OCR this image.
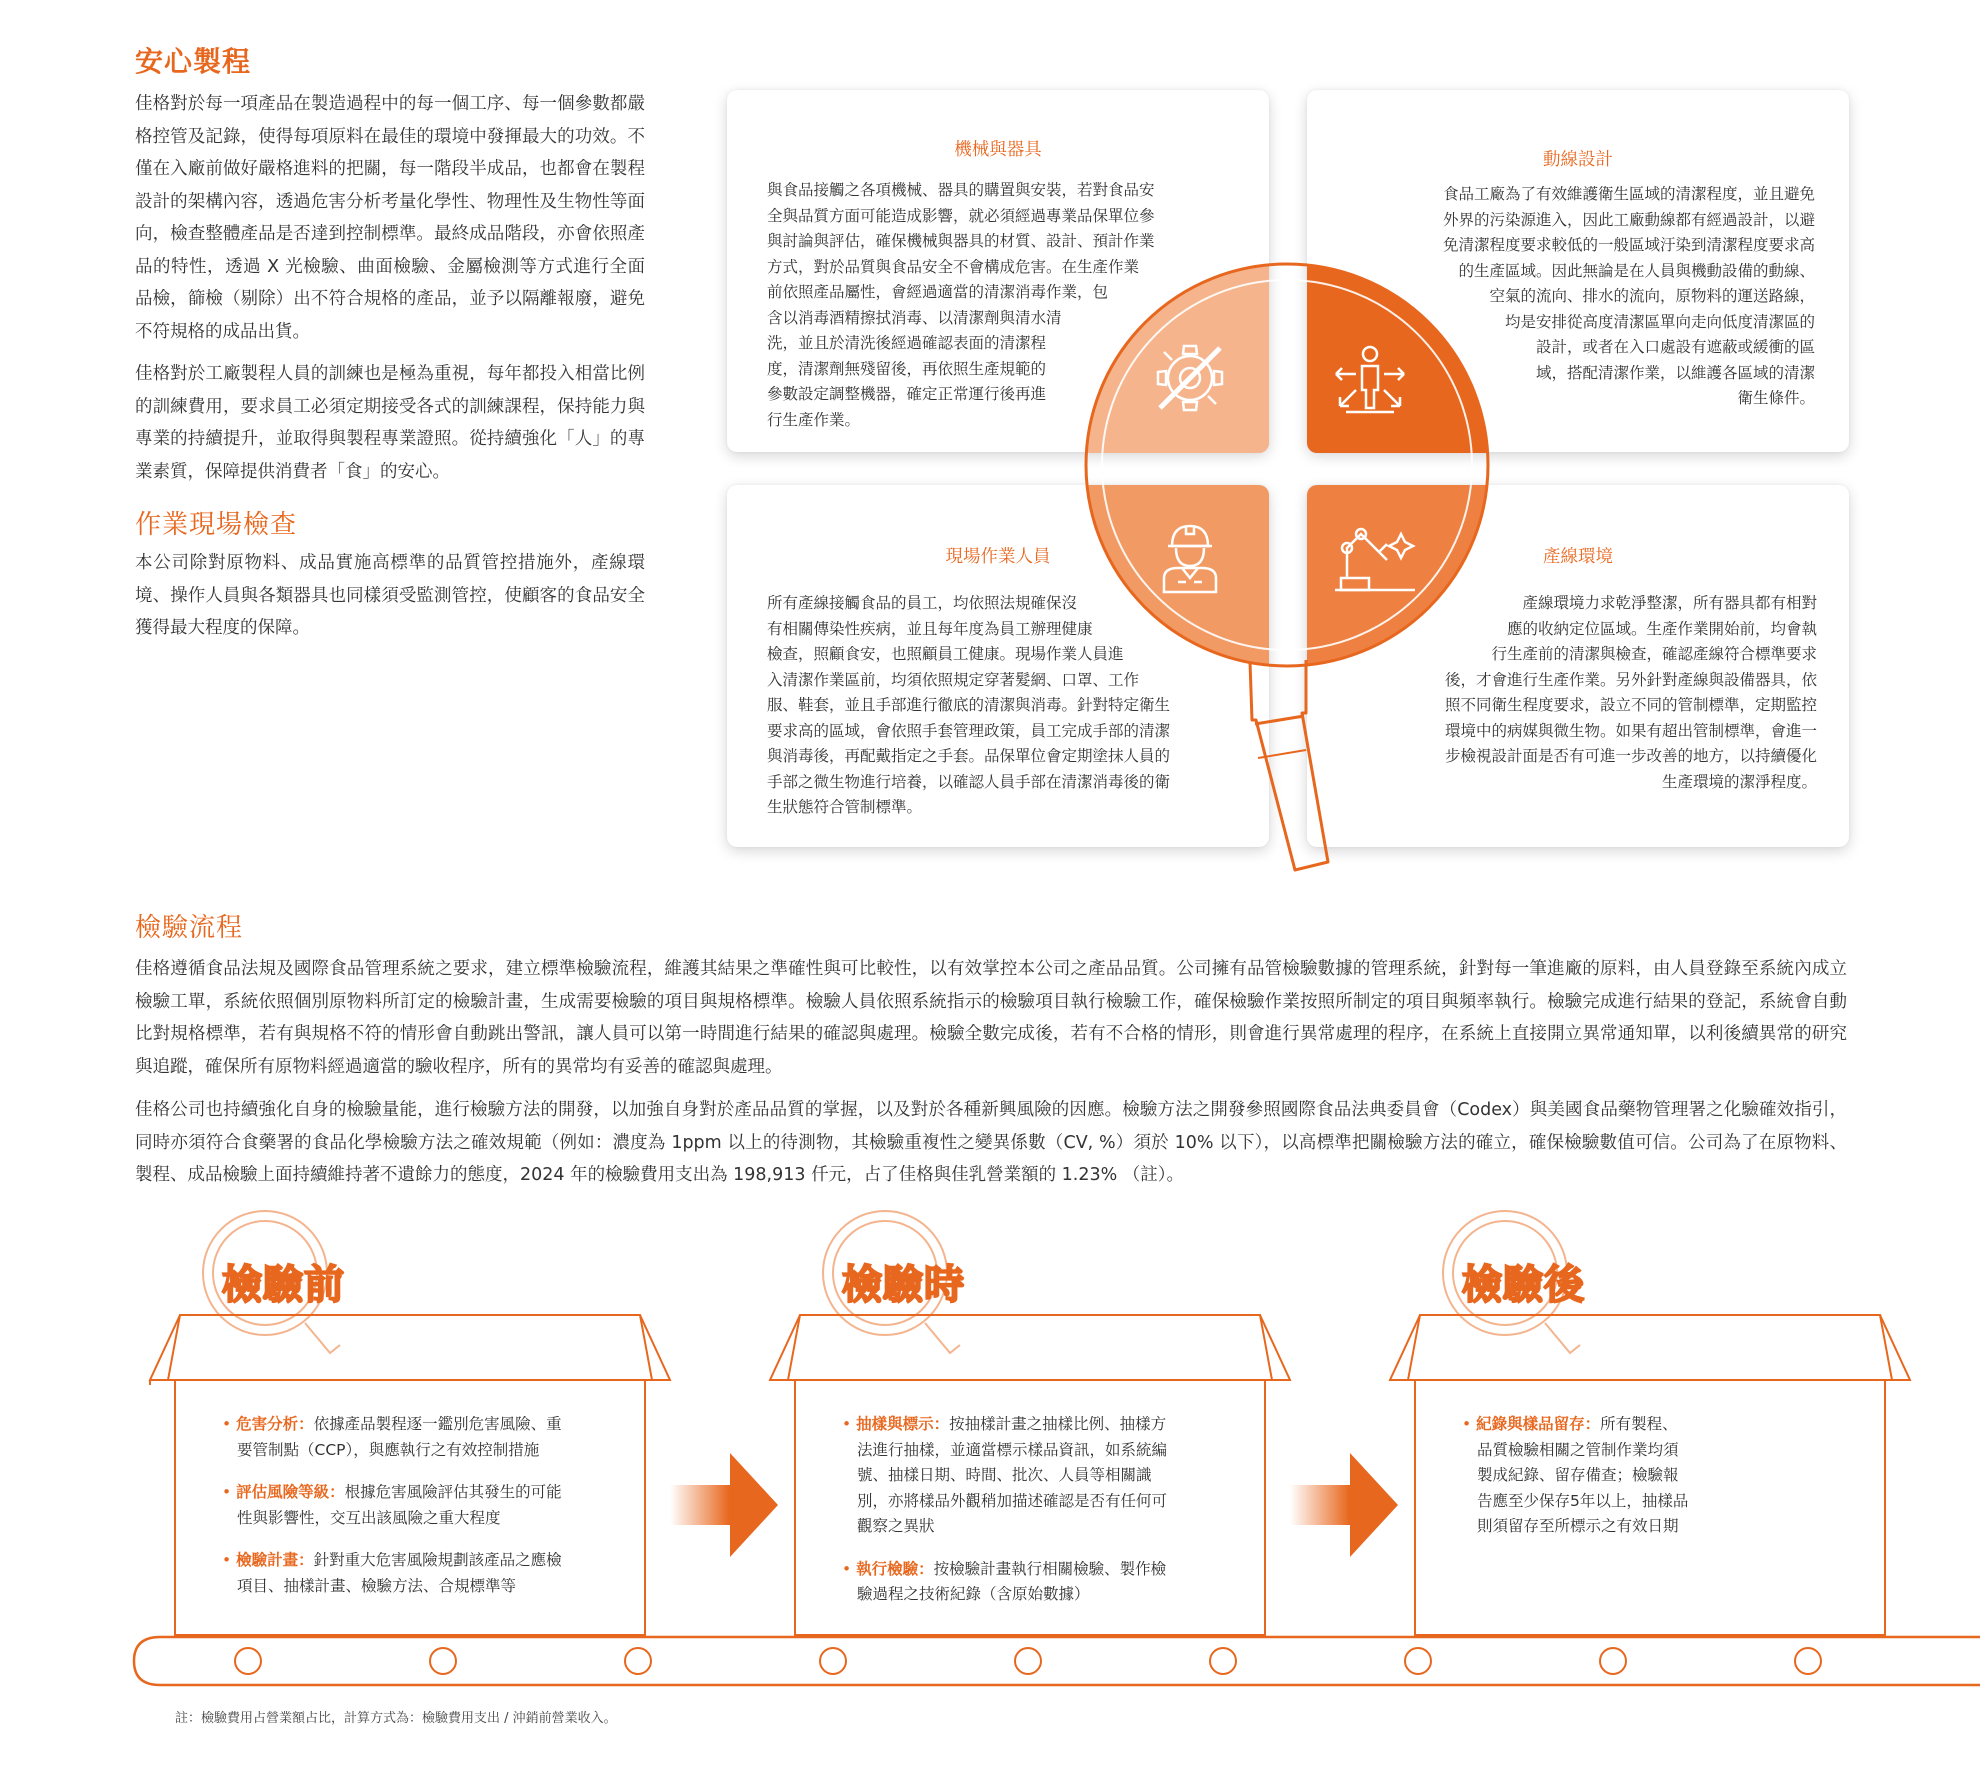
安心製程
佳格對於每一項產品在製造過程中的每一個工序、每一個參數都嚴格控管及記錄，使得每項原料在最佳的環境中發揮最大的功效。不僅在入廠前做好嚴格進料的把關，每一階段半成品，也都會在製程設計的架構內容，透過危害分析考量化學性、物理性及生物性等面向，檢查整體產品是否達到控制標準。最終成品階段，亦會依照產品的特性，透過 X 光檢驗、曲面檢驗、金屬檢測等方式進行全面品檢，篩檢（剔除）出不符合規格的產品，並予以隔離報廢，避免不符規格的成品出貨。
佳格對於工廠製程人員的訓練也是極為重視，每年都投入相當比例的訓練費用，要求員工必須定期接受各式的訓練課程，保持能力與專業的持續提升，並取得與製程專業證照。從持續強化「人」的專業素質，保障提供消費者「食」的安心。
作業現場檢查
本公司除對原物料、成品實施高標準的品質管控措施外，產線環境、操作人員與各類器具也同樣須受監測管控，使顧客的食品安全獲得最大程度的保障。
機械與器具
與食品接觸之各項機械、器具的購置與安裝，若對食品安
全與品質方面可能造成影響，就必須經過專業品保單位參
與討論與評估，確保機械與器具的材質、設計、預計作業
方式，對於品質與食品安全不會構成危害。在生產作業
前依照產品屬性，會經過適當的清潔消毒作業，包
含以消毒酒精擦拭消毒、以清潔劑與清水清
洗，並且於清洗後經過確認表面的清潔程
度，清潔劑無殘留後，再依照生產規範的
參數設定調整機器，確定正常運行後再進
行生產作業。
動線設計
食品工廠為了有效維護衛生區域的清潔程度，並且避免
外界的污染源進入，因此工廠動線都有經過設計，以避
免清潔程度要求較低的一般區域汙染到清潔程度要求高
的生產區域。因此無論是在人員與機動設備的動線、
空氣的流向、排水的流向，原物料的運送路線，
均是安排從高度清潔區單向走向低度清潔區的
設計，或者在入口處設有遮蔽或緩衝的區
域，搭配清潔作業，以維護各區域的清潔
衛生條件。
現場作業人員
所有產線接觸食品的員工，均依照法規確保沒
有相關傳染性疾病，並且每年度為員工辦理健康
檢查，照顧食安，也照顧員工健康。現場作業人員進
入清潔作業區前，均須依照規定穿著髮網、口罩、工作
服、鞋套，並且手部進行徹底的清潔與消毒。針對特定衛生
要求高的區域，會依照手套管理政策，員工完成手部的清潔
與消毒後，再配戴指定之手套。品保單位會定期塗抹人員的
手部之微生物進行培養，以確認人員手部在清潔消毒後的衛
生狀態符合管制標準。
產線環境
產線環境力求乾淨整潔，所有器具都有相對
應的收納定位區域。生產作業開始前，均會執
行生產前的清潔與檢查，確認產線符合標準要求
後，才會進行生產作業。另外針對產線與設備器具，依
照不同衛生程度要求，設立不同的管制標準，定期監控
環境中的病媒與微生物。如果有超出管制標準，會進一
步檢視設計面是否有可進一步改善的地方，以持續優化
生產環境的潔淨程度。
檢驗流程
佳格遵循食品法規及國際食品管理系統之要求，建立標準檢驗流程，維護其結果之準確性與可比較性，以有效掌控本公司之產品品質。公司擁有品管檢驗數據的管理系統，針對每一筆進廠的原料，由人員登錄至系統內成立檢驗工單，系統依照個別原物料所訂定的檢驗計畫，生成需要檢驗的項目與規格標準。檢驗人員依照系統指示的檢驗項目執行檢驗工作，確保檢驗作業按照所制定的項目與頻率執行。檢驗完成進行結果的登記，系統會自動比對規格標準，若有與規格不符的情形會自動跳出警訊，讓人員可以第一時間進行結果的確認與處理。檢驗全數完成後，若有不合格的情形，則會進行異常處理的程序，在系統上直接開立異常通知單，以利後續異常的研究與追蹤，確保所有原物料經過適當的驗收程序，所有的異常均有妥善的確認與處理。
佳格公司也持續強化自身的檢驗量能，進行檢驗方法的開發，以加強自身對於產品品質的掌握，以及對於各種新興風險的因應。檢驗方法之開發參照國際食品法典委員會（Codex）與美國食品藥物管理署之化驗確效指引，同時亦須符合食藥署的食品化學檢驗方法之確效規範（例如：濃度為 1ppm 以上的待測物，其檢驗重複性之變異係數（CV, %）須於 10% 以下），以高標準把關檢驗方法的確立，確保檢驗數值可信。公司為了在原物料、製程、成品檢驗上面持續維持著不遺餘力的態度，2024 年的檢驗費用支出為 198,913 仟元，占了佳格與佳乳營業額的 1.23% （註）。
檢驗前	檢驗時	檢驗後
• 危害分析：依據產品製程逐一鑑別危害風險、重
要管制點（CCP），與應執行之有效控制措施
• 評估風險等級：根據危害風險評估其發生的可能
性與影響性，交互出該風險之重大程度
• 檢驗計畫：針對重大危害風險規劃該產品之應檢
項目、抽樣計畫、檢驗方法、合規標準等
• 抽樣與標示：按抽樣計畫之抽樣比例、抽樣方
法進行抽樣，並適當標示樣品資訊，如系統編
號、抽樣日期、時間、批次、人員等相關識
別，亦將樣品外觀稍加描述確認是否有任何可
觀察之異狀
• 執行檢驗：按檢驗計畫執行相關檢驗、製作檢
驗過程之技術紀錄（含原始數據）
• 紀錄與樣品留存：所有製程、
品質檢驗相關之管制作業均須
製成紀錄、留存備查；檢驗報
告應至少保存5年以上，抽樣品
則須留存至所標示之有效日期
註：檢驗費用占營業額占比，計算方式為：檢驗費用支出 / 沖銷前營業收入。
